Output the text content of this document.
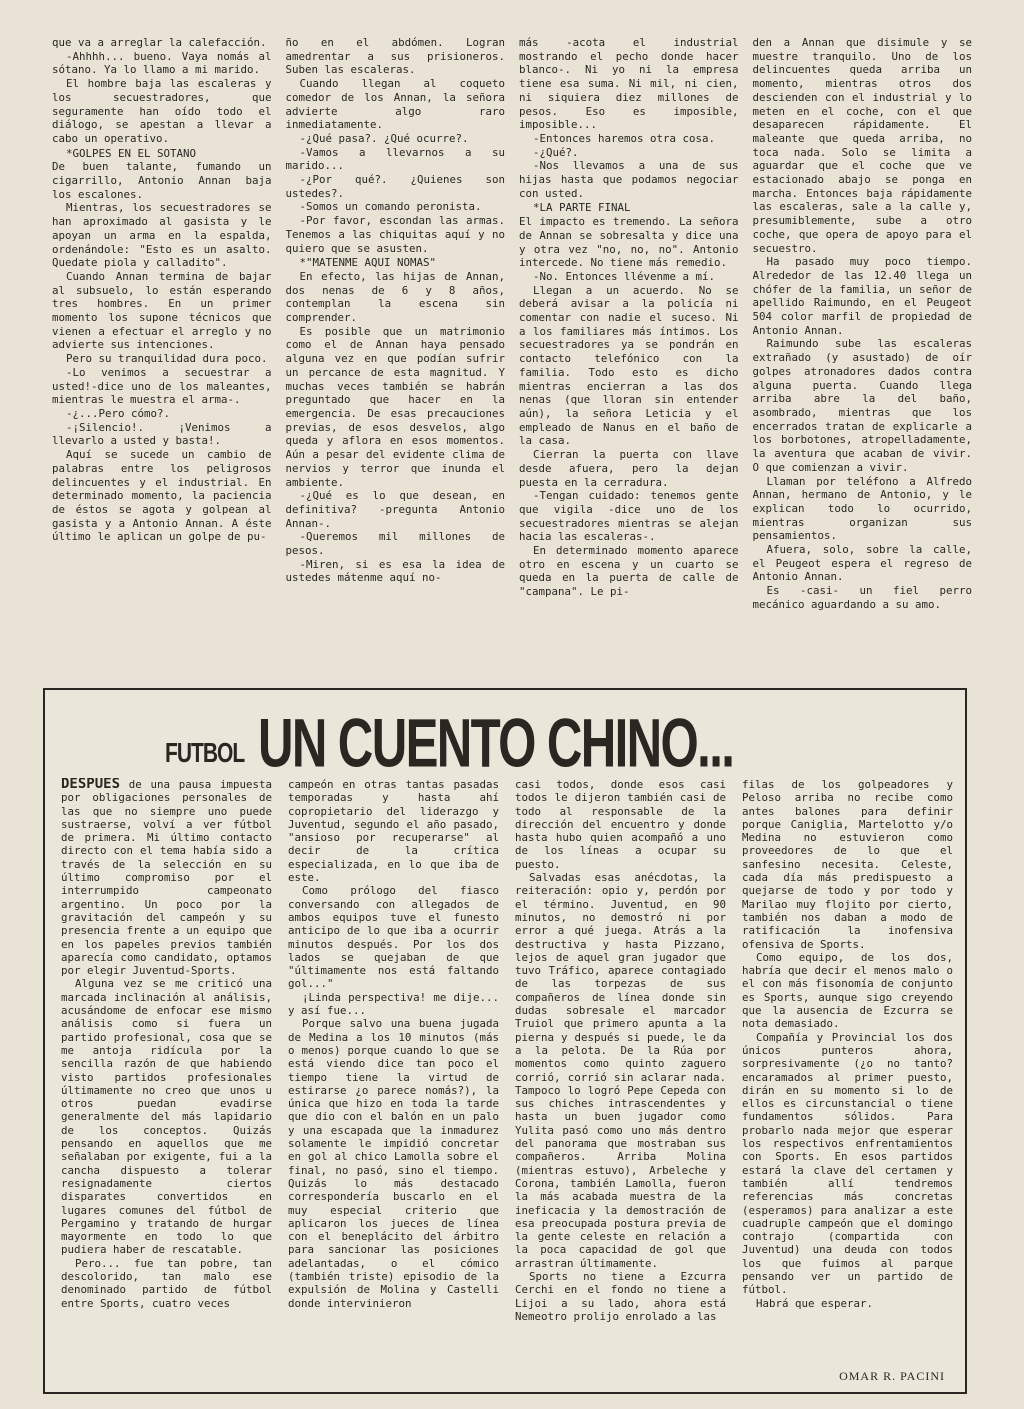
que va a arreglar la calefacción.

-Ahhhh... bueno. Vaya nomás al sótano. Ya lo llamo a mi marido.

El hombre baja las escaleras y los secuestradores, que seguramente han oído todo el diálogo, se apestan a llevar a cabo un operativo.

*GOLPES EN EL SOTANO

De buen talante, fumando un cigarrillo, Antonio Annan baja los escalones.

Mientras, los secuestradores se han aproximado al gasista y le apoyan un arma en la espalda, ordenándole: "Esto es un asalto. Quedate piola y calladito".

Cuando Annan termina de bajar al subsuelo, lo están esperando tres hombres. En un primer momento los supone técnicos que vienen a efectuar el arreglo y no advierte sus intenciones.

Pero su tranquilidad dura poco.

-Lo venimos a secuestrar a usted!-dice uno de los maleantes, mientras le muestra el arma-.

-¿...Pero cómo?.

-¡Silencio!. ¡Venimos a llevarlo a usted y basta!.

Aquí se sucede un cambio de palabras entre los peligrosos delincuentes y el industrial. En determinado momento, la paciencia de éstos se agota y golpean al gasista y a Antonio Annan. A éste último le aplican un golpe de pu-

ño en el abdómen. Logran amedrentar a sus prisioneros. Suben las escaleras.

Cuando llegan al coqueto comedor de los Annan, la señora advierte algo raro inmediatamente.

-¿Qué pasa?. ¿Qué ocurre?.

-Vamos a llevarnos a su marido...

-¿Por qué?. ¿Quienes son ustedes?.

-Somos un comando peronista.

-Por favor, escondan las armas. Tenemos a las chiquitas aquí y no quiero que se asusten.

*"MATENME AQUI NOMAS"

En efecto, las hijas de Annan, dos nenas de 6 y 8 años, contemplan la escena sin comprender.

Es posible que un matrimonio como el de Annan haya pensado alguna vez en que podían sufrir un percance de esta magnitud. Y muchas veces también se habrán preguntado que hacer en la emergencia. De esas precauciones previas, de esos desvelos, algo queda y aflora en esos momentos. Aún a pesar del evidente clima de nervios y terror que inunda el ambiente.

-¿Qué es lo que desean, en definitiva? -pregunta Antonio Annan-.

-Queremos mil millones de pesos.

-Miren, si es esa la idea de ustedes mátenme aquí no-

más -acota el industrial mostrando el pecho donde hacer blanco-. Ni yo ni la empresa tiene esa suma. Ni mil, ni cien, ni siquiera diez millones de pesos. Eso es imposible, imposible...

-Entonces haremos otra cosa.

-¿Qué?.

-Nos llevamos a una de sus hijas hasta que podamos negociar con usted.

*LA PARTE FINAL

El impacto es tremendo. La señora de Annan se sobresalta y dice una y otra vez "no, no, no". Antonio intercede. No tiene más remedio.

-No. Entonces llévenme a mí.

Llegan a un acuerdo. No se deberá avisar a la policía ni comentar con nadie el suceso. Ni a los familiares más íntimos. Los secuestradores ya se pondrán en contacto telefónico con la familia. Todo esto es dicho mientras encierran a las dos nenas (que lloran sin entender aún), la señora Leticia y el empleado de Nanus en el baño de la casa.

Cierran la puerta con llave desde afuera, pero la dejan puesta en la cerradura.

-Tengan cuidado: tenemos gente que vigila -dice uno de los secuestradores mientras se alejan hacia las escaleras-.

En determinado momento aparece otro en escena y un cuarto se queda en la puerta de calle de "campana". Le pi-

den a Annan que disimule y se muestre tranquilo. Uno de los delincuentes queda arriba un momento, mientras otros dos descienden con el industrial y lo meten en el coche, con el que desaparecen rápidamente. El maleante que queda arriba, no toca nada. Solo se limita a aguardar que el coche que ve estacionado abajo se ponga en marcha. Entonces baja rápidamente las escaleras, sale a la calle y, presumiblemente, sube a otro coche, que opera de apoyo para el secuestro.

Ha pasado muy poco tiempo. Alrededor de las 12.40 llega un chófer de la familia, un señor de apellido Raimundo, en el Peugeot 504 color marfil de propiedad de Antonio Annan.

Raimundo sube las escaleras extrañado (y asustado) de oír golpes atronadores dados contra alguna puerta. Cuando llega arriba abre la del baño, asombrado, mientras que los encerrados tratan de explicarle a los borbotones, atropelladamente, la aventura que acaban de vivir. O que comienzan a vivir.

Llaman por teléfono a Alfredo Annan, hermano de Antonio, y le explican todo lo ocurrido, mientras organizan sus pensamientos.

Afuera, solo, sobre la calle, el Peugeot espera el regreso de Antonio Annan.

Es -casi- un fiel perro mecánico aguardando a su amo.

FUTBOL UN CUENTO CHINO...

DESPUES de una pausa impuesta por obligaciones personales de las que no siempre uno puede sustraerse, volví a ver fútbol de primera. Mi último contacto directo con el tema había sido a través de la selección en su último compromiso por el interrumpido campeonato argentino. Un poco por la gravitación del campeón y su presencia frente a un equipo que en los papeles previos también aparecía como candidato, optamos por elegir Juventud-Sports.

Alguna vez se me criticó una marcada inclinación al análisis, acusándome de enfocar ese mismo análisis como si fuera un partido profesional, cosa que se me antoja ridícula por la sencilla razón de que habiendo visto partidos profesionales últimamente no creo que unos u otros puedan evadirse generalmente del más lapidario de los conceptos. Quizás pensando en aquellos que me señalaban por exigente, fui a la cancha dispuesto a tolerar resignadamente ciertos disparates convertidos en lugares comunes del fútbol de Pergamino y tratando de hurgar mayormente en todo lo que pudiera haber de rescatable.

Pero... fue tan pobre, tan descolorido, tan malo ese denominado partido de fútbol entre Sports, cuatro veces

campeón en otras tantas pasadas temporadas y hasta ahí copropietario del liderazgo y Juventud, segundo el año pasado, "ansioso por recuperarse" al decir de la crítica especializada, en lo que iba de este.

Como prólogo del fiasco conversando con allegados de ambos equipos tuve el funesto anticipo de lo que iba a ocurrir minutos después. Por los dos lados se quejaban de que "últimamente nos está faltando gol..."

¡Linda perspectiva! me dije... y así fue...

Porque salvo una buena jugada de Medina a los 10 minutos (más o menos) porque cuando lo que se está viendo dice tan poco el tiempo tiene la virtud de estirarse ¿o parece nomás?), la única que hizo en toda la tarde que dio con el balón en un palo y una escapada que la inmadurez solamente le impidió concretar en gol al chico Lamolla sobre el final, no pasó, sino el tiempo. Quizás lo más destacado correspondería buscarlo en el muy especial criterio que aplicaron los jueces de línea con el beneplácito del árbitro para sancionar las posiciones adelantadas, o el cómico (también triste) episodio de la expulsión de Molina y Castelli donde intervinieron

casi todos, donde esos casi todos le dijeron también casi de todo al responsable de la dirección del encuentro y donde hasta hubo quien acompañó a uno de los líneas a ocupar su puesto.

Salvadas esas anécdotas, la reiteración: opio y, perdón por el término. Juventud, en 90 minutos, no demostró ni por error a qué juega. Atrás a la destructiva y hasta Pizzano, lejos de aquel gran jugador que tuvo Tráfico, aparece contagiado de las torpezas de sus compañeros de línea donde sin dudas sobresale el marcador Truiol que primero apunta a la pierna y después si puede, le da a la pelota. De la Rúa por momentos como quinto zaguero corrió, corrió sin aclarar nada. Tampoco lo logró Pepe Cepeda con sus chiches intrascendentes y hasta un buen jugador como Yulita pasó como uno más dentro del panorama que mostraban sus compañeros. Arriba Molina (mientras estuvo), Arbeleche y Corona, también Lamolla, fueron la más acabada muestra de la ineficacia y la demostración de esa preocupada postura previa de la gente celeste en relación a la poca capacidad de gol que arrastran últimamente.

Sports no tiene a Ezcurra Cerchi en el fondo no tiene a Lijoi a su lado, ahora está Nemeotro prolijo enrolado a las

filas de los golpeadores y Peloso arriba no recibe como antes balones para definir porque Caniglia, Martelotto y/o Medina no estuvieron como proveedores de lo que el sanfesino necesita. Celeste, cada día más predispuesto a quejarse de todo y por todo y Marilao muy flojito por cierto, también nos daban a modo de ratificación la inofensiva ofensiva de Sports.

Como equipo, de los dos, habría que decir el menos malo o el con más fisonomía de conjunto es Sports, aunque sigo creyendo que la ausencia de Ezcurra se nota demasiado.

Compañía y Provincial los dos únicos punteros ahora, sorpresivamente (¿o no tanto? encaramados al primer puesto, dirán en su momento si lo de ellos es circunstancial o tiene fundamentos sólidos. Para probarlo nada mejor que esperar los respectivos enfrentamientos con Sports. En esos partidos estará la clave del certamen y también allí tendremos referencias más concretas (esperamos) para analizar a este cuadruple campeón que el domingo contrajo (compartida con Juventud) una deuda con todos los que fuimos al parque pensando ver un partido de fútbol.

Habrá que esperar.

OMAR R. PACINI
